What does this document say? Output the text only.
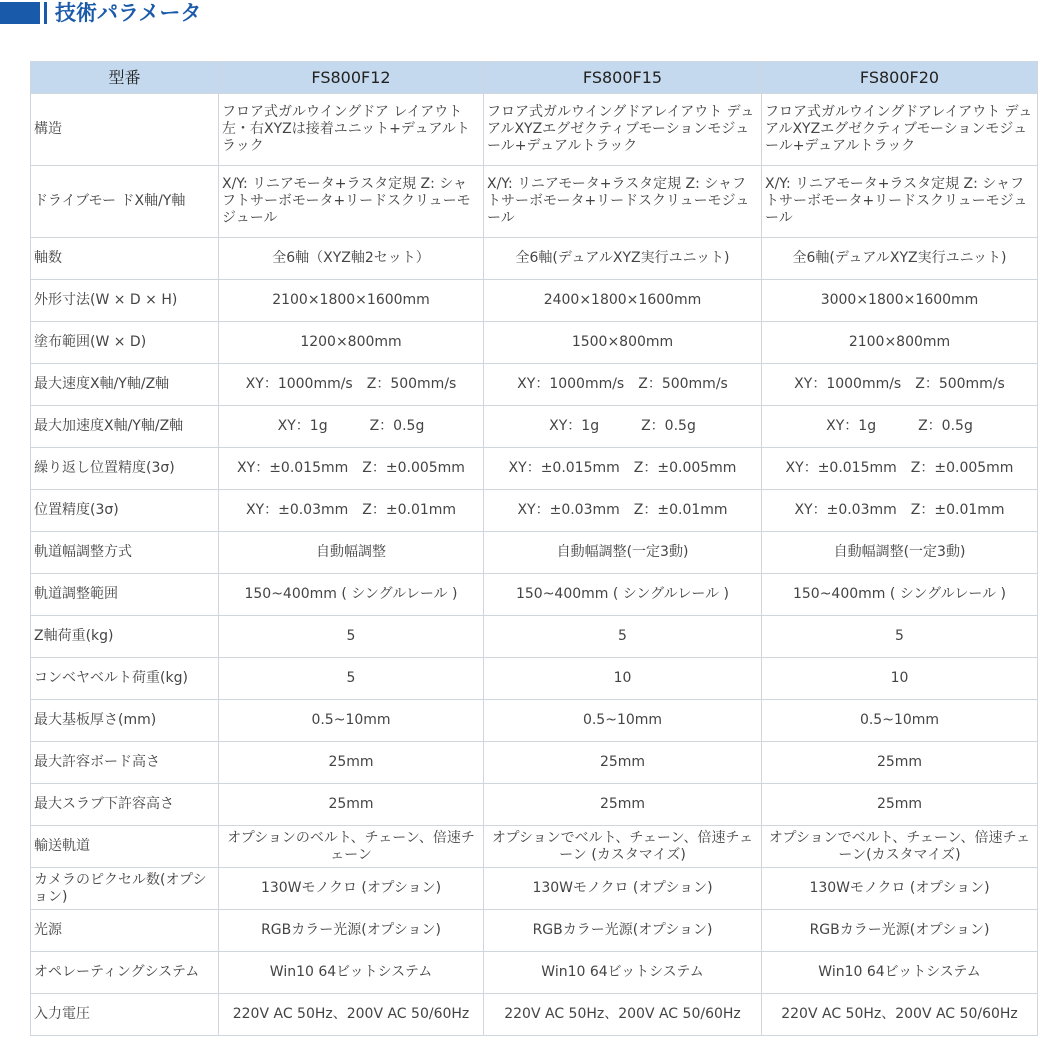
技術パラメータ
型番	FS800F12	FS800F15	FS800F20
構造	フロア式ガルウイングドア レイアウト 左・右XYZは接着ユニット+デュアルトラック	フロア式ガルウイングドアレイアウト デュアルXYZエグゼクティブモーションモジュール+デュアルトラック	フロア式ガルウイングドアレイアウト デュアルXYZエグゼクティブモーションモジュール+デュアルトラック
ドライブモー ドX軸/Y軸	X/Y: リニアモータ+ラスタ定規 Z: シャフトサーボモータ+リードスクリューモジュール	X/Y: リニアモータ+ラスタ定規 Z: シャフトサーボモータ+リードスクリューモジュール	X/Y: リニアモータ+ラスタ定規 Z: シャフトサーボモータ+リードスクリューモジュール
軸数	全6軸（XYZ軸2セット）	全6軸(デュアルXYZ実行ユニット)	全6軸(デュアルXYZ実行ユニット)
外形寸法(W × D × H)	2100×1800×1600mm	2400×1800×1600mm	3000×1800×1600mm
塗布範囲(W × D)	1200×800mm	1500×800mm	2100×800mm
最大速度X軸/Y軸/Z軸	XY：1000mm/s　Z：500mm/s	XY：1000mm/s　Z：500mm/s	XY：1000mm/s　Z：500mm/s
最大加速度X軸/Y軸/Z軸	XY：1g　　　Z：0.5g	XY：1g　　　Z：0.5g	XY：1g　　　Z：0.5g
繰り返し位置精度(3σ)	XY：±0.015mm　Z：±0.005mm	XY：±0.015mm　Z：±0.005mm	XY：±0.015mm　Z：±0.005mm
位置精度(3σ)	XY：±0.03mm　Z：±0.01mm	XY：±0.03mm　Z：±0.01mm	XY：±0.03mm　Z：±0.01mm
軌道幅調整方式	自動幅調整	自動幅調整(一定3動)	自動幅調整(一定3動)
軌道調整範囲	150~400mm ( シングルレール )	150~400mm ( シングルレール )	150~400mm ( シングルレール )
Z軸荷重(kg)	5	5	5
コンベヤベルト荷重(kg)	5	10	10
最大基板厚さ(mm)	0.5~10mm	0.5~10mm	0.5~10mm
最大許容ボード高さ	25mm	25mm	25mm
最大スラブ下許容高さ	25mm	25mm	25mm
輸送軌道	オプションのベルト、チェーン、倍速チェーン	オプションでベルト、チェーン、倍速チェーン (カスタマイズ)	オプションでベルト、チェーン、倍速チェーン(カスタマイズ)
カメラのピクセル数(オプション)	130Wモノクロ (オプション)	130Wモノクロ (オプション)	130Wモノクロ (オプション)
光源	RGBカラー光源(オプション)	RGBカラー光源(オプション)	RGBカラー光源(オプション)
オペレーティングシステム	Win10 64ビットシステム	Win10 64ビットシステム	Win10 64ビットシステム
入力電圧	220V AC 50Hz、200V AC 50/60Hz	220V AC 50Hz、200V AC 50/60Hz	220V AC 50Hz、200V AC 50/60Hz
